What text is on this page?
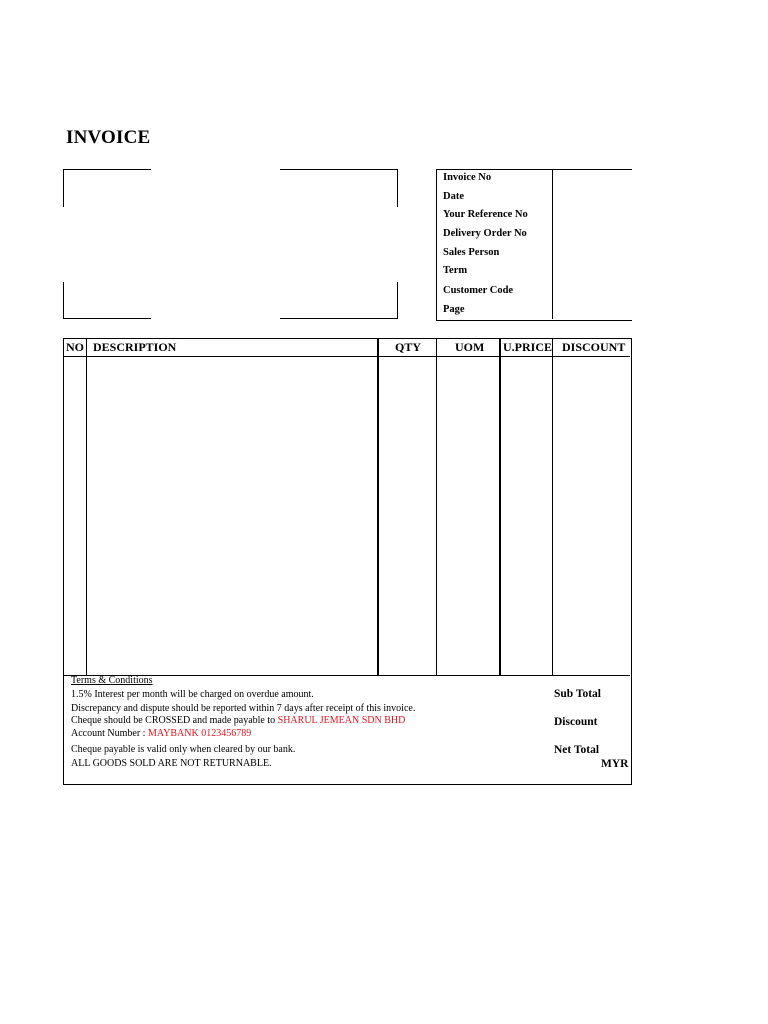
INVOICE
Invoice No
Date
Your Reference No
Delivery Order No
Sales Person
Term
Customer Code
Page
NO DESCRIPTION	QTY	UOM U.PRICE DISCOUNT
Terms & Conditions
1.5% Interest per month will be charged on overdue amount.
Discrepancy and dispute should be reported within 7 days after receipt of this invoice.
Cheque should be CROSSED and made payable to SHARUL JEMEAN SDN BHD
Account Number : MAYBANK 0123456789
Cheque payable is valid only when cleared by our bank.
ALL GOODS SOLD ARE NOT RETURNABLE.
Sub Total
Discount
Net Total
MYR
